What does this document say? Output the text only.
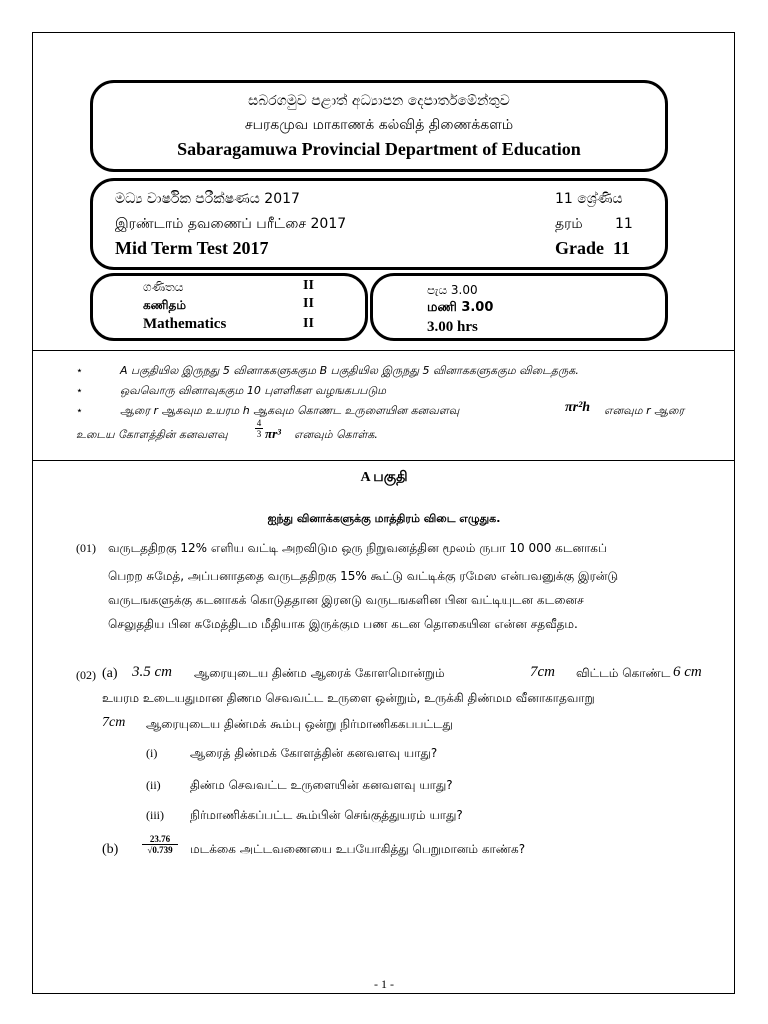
සබරගමුව පළාත් අධ්‍යාපන දෙපාර්තමේන්තුව
சபரகமுவ மாகாணக் கல்வித் திணைக்களம்
Sabaragamuwa Provincial Department of Education
මධ්‍ය වාර්ෂික පරීක්ෂණය 2017	11 ශ්‍රේණිය
இரண்டாம் தவணைப் பரீட்சை 2017	தரம் 11
Mid Term Test 2017	Grade  11
ගණිතය	II
கணிதம்	II
Mathematics	II
පැය 3.00
மணி 3.00
3.00 hrs
⋆	A பகுதியில இருநது 5 வினாககளுககும B பகுதியில இருநது 5 வினாககளுககும விடைதருக.
⋆	ஒவவொரு வினாவுககும 10 புளளிகள வழஙகபபடும
⋆	ஆரை r ஆகவும உயரம h ஆகவும கொணட உருளையின கனவளவு	πr²h எனவும r ஆரை
உடைய கோளத்தின் கனவளவு	$\frac{4}{3} \pi r^3$ எனவும் கொள்க.
A பகுதி
ஐந்து வினாக்களுக்கு மாத்திரம் விடை எழுதுக.
(01) வருடததிறகு 12% எளிய வட்டி அறவிடும ஒரு நிறுவனத்தின மூலம் ருபா 10 000 கடனாகப்
பெறற சுமேத், அப்பனாததை வருடததிறகு 15% கூட்டு வட்டிக்கு ரமேஸ என்பவனுக்கு இரன்டு
வருடஙகளுக்கு கடனாகக் கொடுததான இரனடு வருடஙகளின பின வட்டியுடன கடனைச
செலுததிய பின சுமேத்திடம மீதியாக இருக்கும பண கடன தொகையின என்ன சதவீதம.
(02) (a) 3.5 cm ஆரையுடைய திண்ம ஆரைக் கோளமொன்றும்	7cm விட்டம் கொண்ட 6 cm
உயரம உடையதுமான திணம செவவட்ட உருளை ஒன்றும், உருக்கி திண்மம வீனாகாதவாறு
7cm ஆரையுடைய திண்மக் கூம்பு ஒன்று நிர்மாணிககபபட்டது
(i)	ஆரைத் திண்மக் கோளத்தின் கனவளவு யாது?
(ii) திண்ம செவவட்ட உருளையின் கனவளவு யாது?
(iii) நிர்மாணிக்கப்பட்ட கூம்பின் செங்குத்துயரம் யாது?
(b)	$\frac{23.76}{√0.739}$ மடக்கை அட்டவணையை உபயோகித்து பெறுமானம் காண்க?
- 1 -
